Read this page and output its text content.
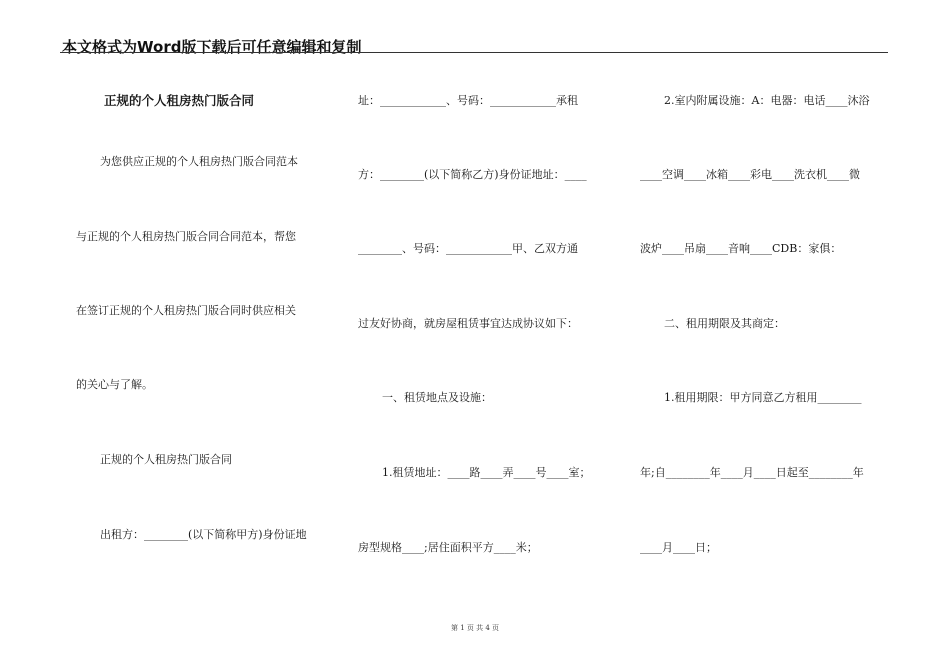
本文格式为Word版下载后可任意编辑和复制
正规的个人租房热门版合同
为您供应正规的个人租房热门版合同范本
与正规的个人租房热门版合同合同范本，帮您
在签订正规的个人租房热门版合同时供应相关
的关心与了解。
正规的个人租房热门版合同
出租方：________(以下简称甲方)身份证地
址：____________、号码：____________承租
方：________(以下简称乙方)身份证地址：____
________、号码：____________甲、乙双方通
过友好协商，就房屋租赁事宜达成协议如下：
一、租赁地点及设施：
1.租赁地址：____路____弄____号____室；
房型规格____;居住面积平方____米；
2.室内附属设施：A：电器：电话____沐浴
____空调____冰箱____彩电____洗衣机____微
波炉____吊扇____音响____CDB：家俱：
二、租用期限及其商定：
1.租用期限：甲方同意乙方租用________
年;自________年____月____日起至________年
____月____日；
第 1 页 共 4 页
